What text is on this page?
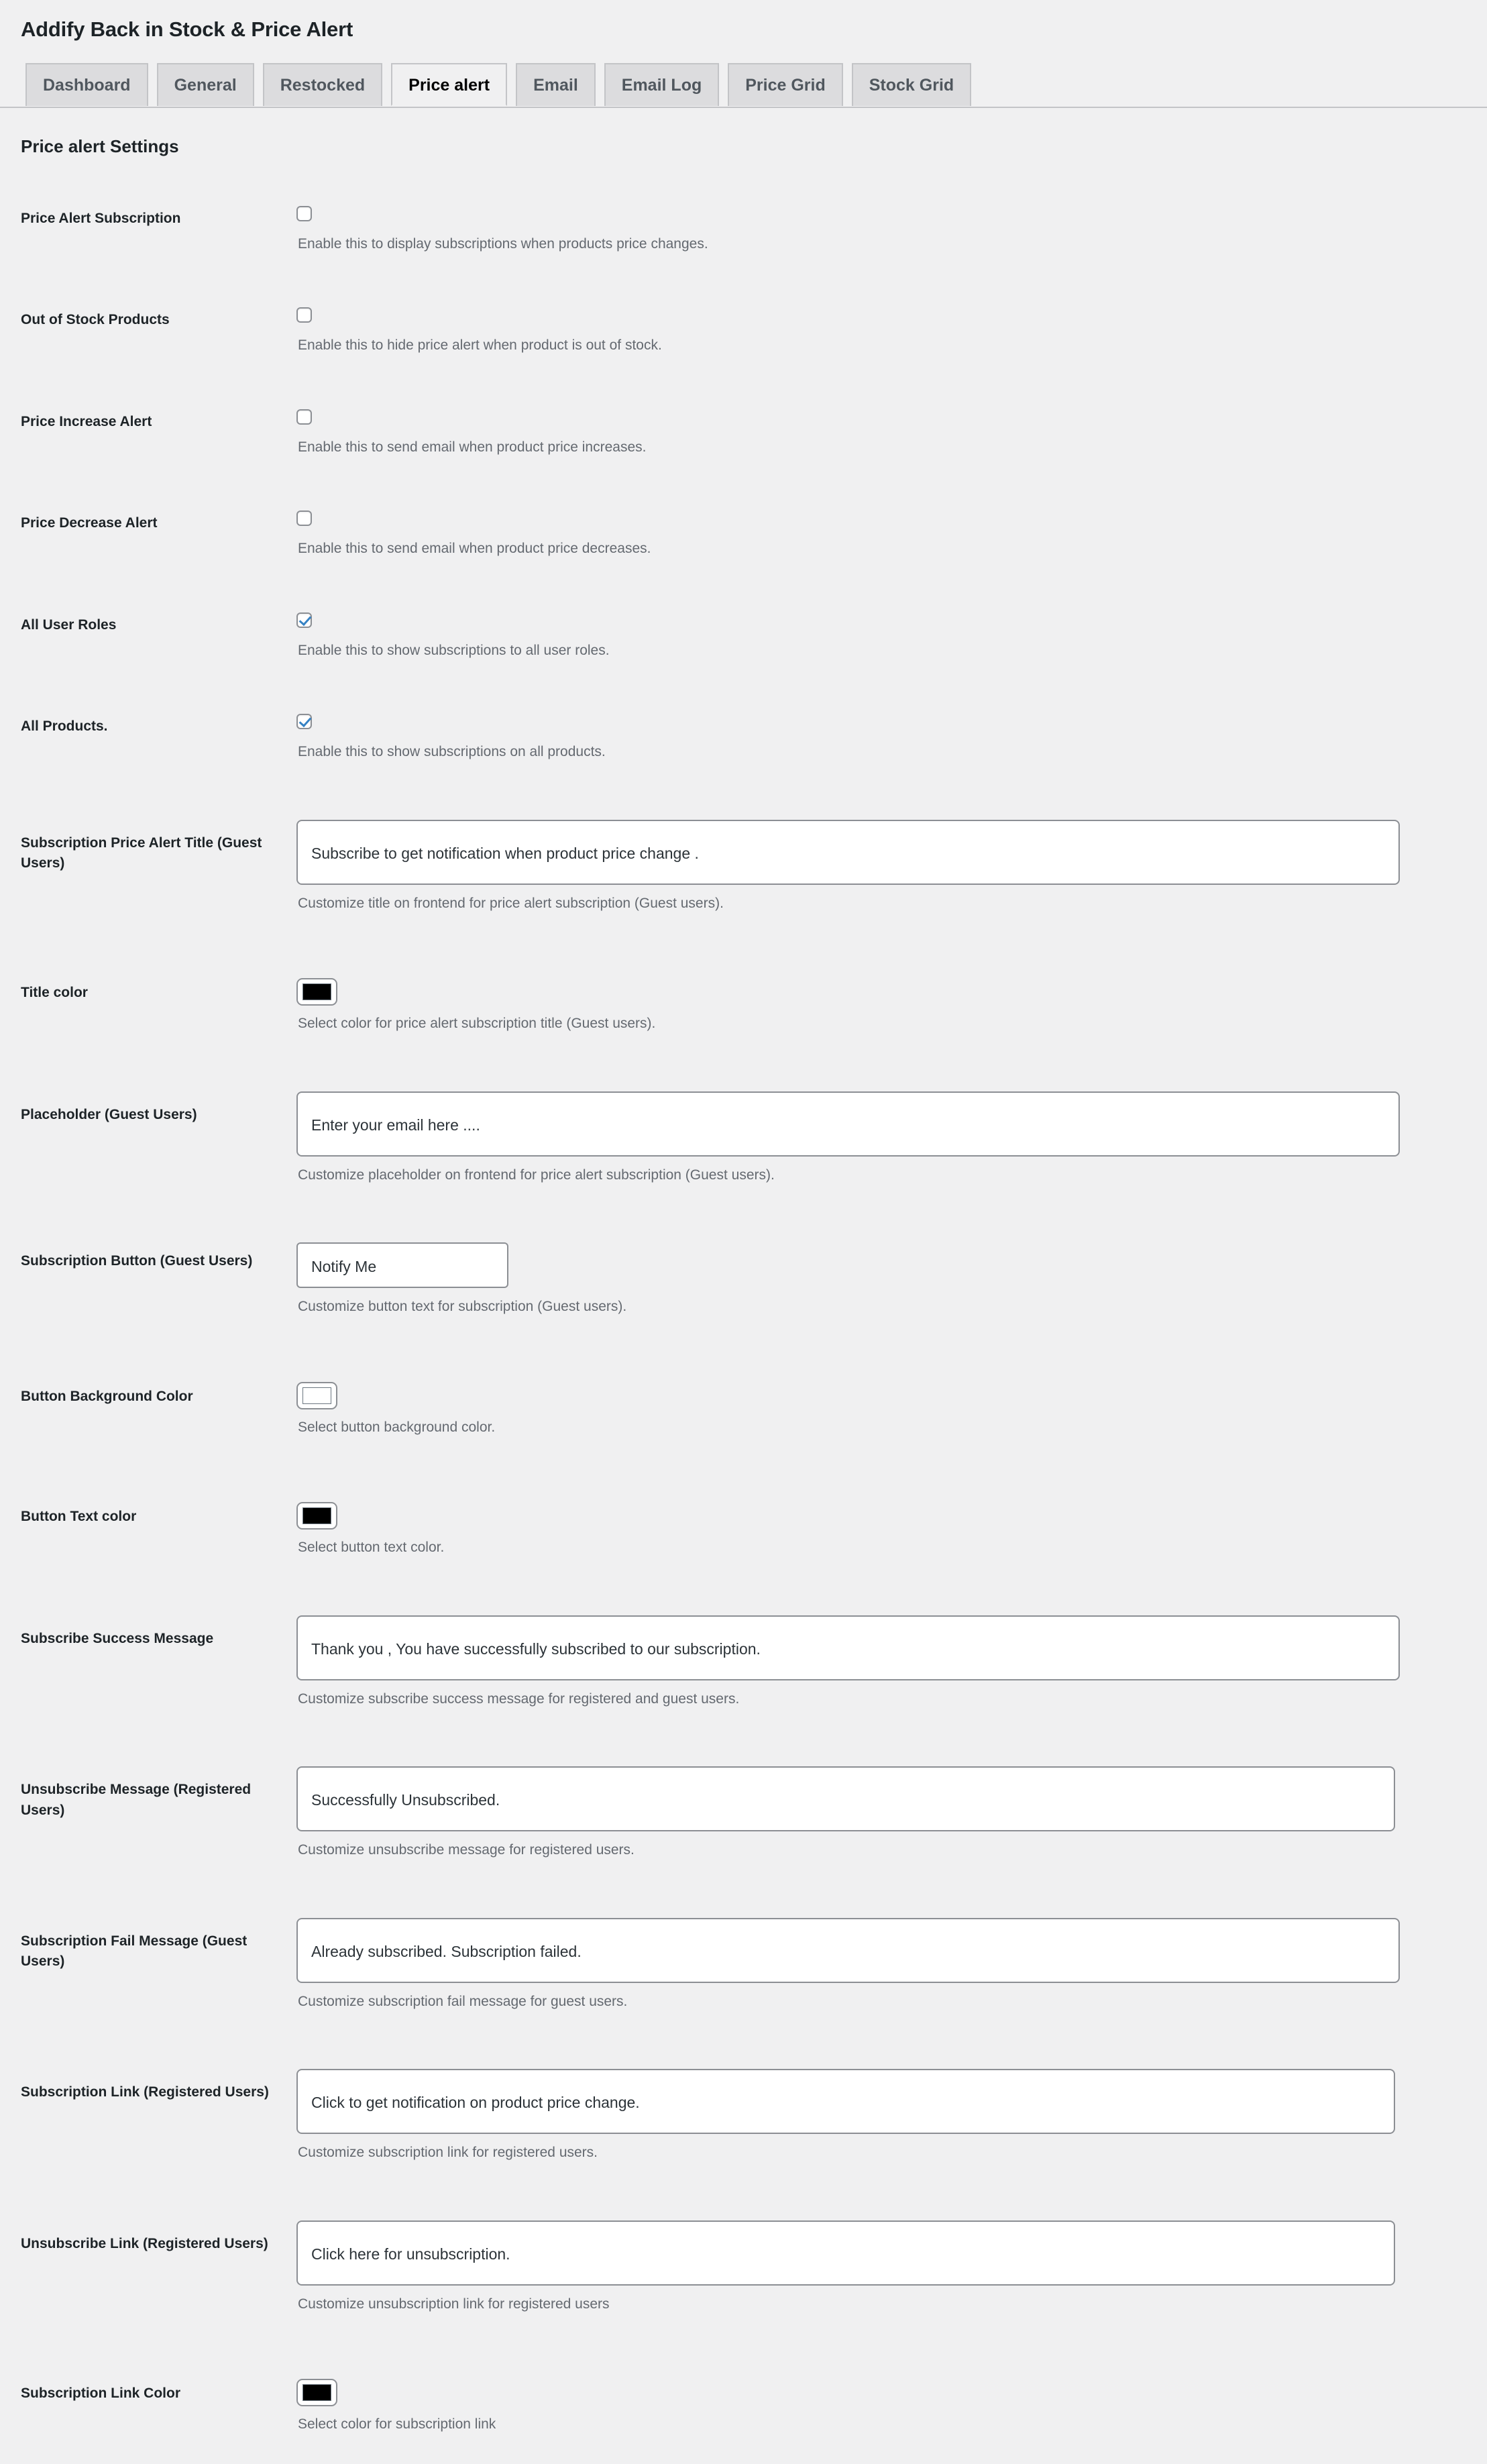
Addify Back in Stock & Price Alert
Dashboard	General	Restocked	Price alert	Email	Email Log	Price Grid	Stock Grid
Price alert Settings
Price Alert Subscription	Enable this to display subscriptions when products price changes.

Out of Stock Products	Enable this to hide price alert when product is out of stock.

Price Increase Alert	Enable this to send email when product price increases.

Price Decrease Alert	Enable this to send email when product price decreases.

All User Roles	Enable this to show subscriptions to all user roles.

All Products.	Enable this to show subscriptions on all products.

Subscription Price Alert Title (Guest Users)	Subscribe to get notification when product price change .

Customize title on frontend for price alert subscription (Guest users).

Title color	Select color for price alert subscription title (Guest users).

Placeholder (Guest Users)	Enter your email here ....

Customize placeholder on frontend for price alert subscription (Guest users).

Subscription Button (Guest Users)	Notify Me

Customize button text for subscription (Guest users).

Button Background Color	Select button background color.

Button Text color	Select button text color.

Subscribe Success Message	Thank you , You have successfully subscribed to our subscription.

Customize subscribe success message for registered and guest users.

Unsubscribe Message (Registered Users)	Successfully Unsubscribed.

Customize unsubscribe message for registered users.

Subscription Fail Message (Guest Users)	Already subscribed. Subscription failed.

Customize subscription fail message for guest users.

Subscription Link (Registered Users)	Click to get notification on product price change.

Customize subscription link for registered users.

Unsubscribe Link (Registered Users)	Click here for unsubscription.

Customize unsubscription link for registered users

Subscription Link Color	Select color for subscription link
